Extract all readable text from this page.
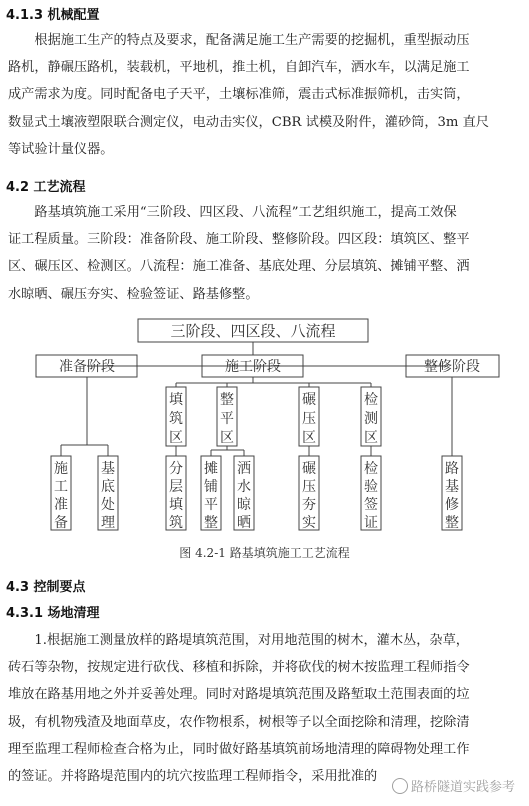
4.1.3 机械配置
根据施工生产的特点及要求，配备满足施工生产需要的挖掘机，重型振动压
路机，静碾压路机，装载机，平地机，推土机，自卸汽车，洒水车，以满足施工
成产需求为度。同时配备电子天平，土壤标准筛，震击式标准振筛机，击实筒，
数显式土壤液塑限联合测定仪，电动击实仪，CBR 试模及附件，灌砂筒，3m 直尺
等试验计量仪器。
4.2 工艺流程
路基填筑施工采用“三阶段、四区段、八流程”工艺组织施工，提高工效保
证工程质量。三阶段：准备阶段、施工阶段、整修阶段。四区段：填筑区、整平
区、碾压区、检测区。八流程：施工准备、基底处理、分层填筑、摊铺平整、洒
水晾晒、碾压夯实、检验签证、路基修整。
三阶段、四区段、八流程
准备阶段	施工阶段	整修阶段
填
筑
区
整
平
区
碾
压
区
检
测
区
施
工
准
备
基
底
处
理
分
层
填
筑
摊
铺
平
整
洒
水
晾
晒
碾
压
夯
实
检
验
签
证
路
基
修
整
图 4.2-1 路基填筑施工工艺流程
4.3 控制要点
4.3.1 场地清理
1.根据施工测量放样的路堤填筑范围，对用地范围的树木，灌木丛，杂草，
砖石等杂物，按规定进行砍伐、移植和拆除，并将砍伐的树木按监理工程师指令
堆放在路基用地之外并妥善处理。同时对路堤填筑范围及路堑取土范围表面的垃
圾，有机物残渣及地面草皮，农作物根系，树根等子以全面挖除和清理，挖除清
理至监理工程师检查合格为止，同时做好路基填筑前场地清理的障碍物处理工作
的签证。并将路堤范围内的坑穴按监理工程师指令，采用批准的
路桥隧道实践参考
